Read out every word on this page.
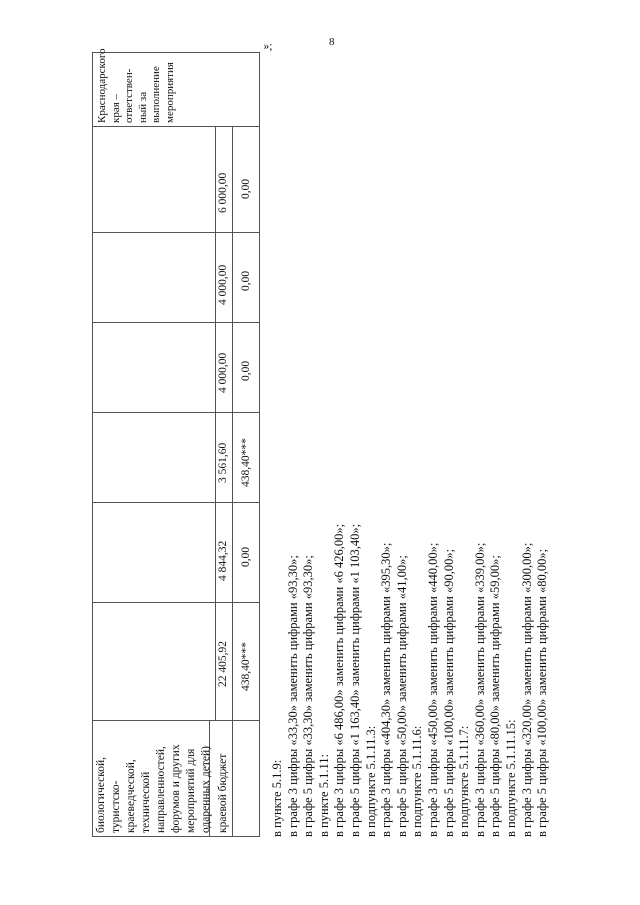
8
биологической,
туристско-
краеведческой,
технической
направленностей,
форумов и других
мероприятий для
одаренных детей) краевой бюджет
Краснодарского
края – ответствен-
ный за выполнение
мероприятия
22 405,92
4 844,32
3 561,60
4 000,00
4 000,00
6 000,00
438,40***
0,00
438,40***
0,00
0,00
0,00
»;
в пункте 5.1.9: в графе 3 цифры «33,30» заменить цифрами «93,30»; в графе 5 цифры «33,30» заменить цифрами «93,30»; в пункте 5.1.11: в графе 3 цифры «6 486,00» заменить цифрами «6 426,00»; в графе 5 цифры «1 163,40» заменить цифрами «1 103,40»; в подпункте 5.1.11.3: в графе 3 цифры «404,30» заменить цифрами «395,30»; в графе 5 цифры «50,00» заменить цифрами «41,00»; в подпункте 5.1.11.6: в графе 3 цифры «450,00» заменить цифрами «440,00»; в графе 5 цифры «100,00» заменить цифрами «90,00»; в подпункте 5.1.11.7: в графе 3 цифры «360,00» заменить цифрами «339,00»; в графе 5 цифры «80,00» заменить цифрами «59,00»; в подпункте 5.1.11.15: в графе 3 цифры «320,00» заменить цифрами «300,00»; в графе 5 цифры «100,00» заменить цифрами «80,00»;
